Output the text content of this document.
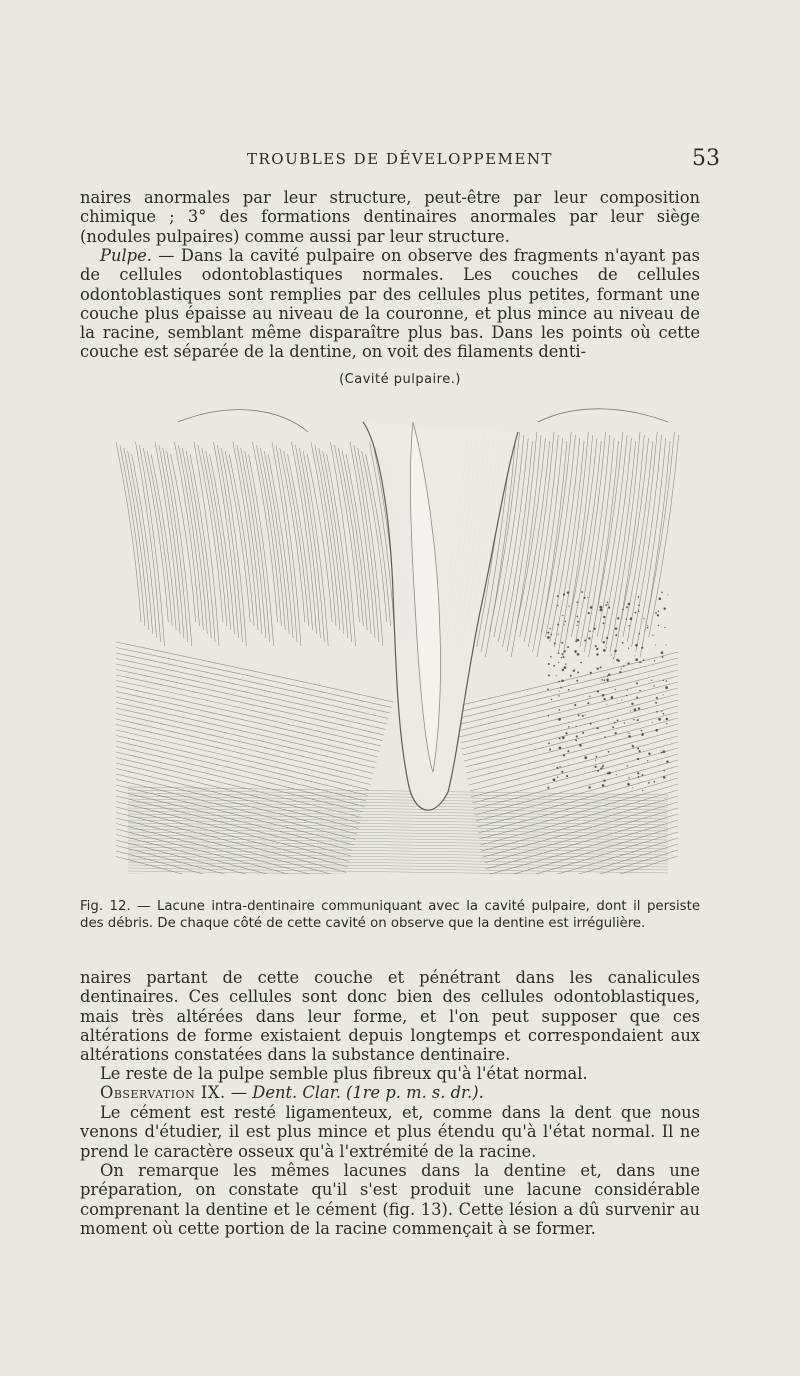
TROUBLES DE DÉVELOPPEMENT	53

naires anormales par leur structure, peut-être par leur composition chimique ; 3° des formations dentinaires anormales par leur siège (nodules pulpaires) comme aussi par leur structure.

Pulpe. — Dans la cavité pulpaire on observe des fragments n'ayant pas de cellules odontoblastiques normales. Les couches de cellules odontoblastiques sont remplies par des cellules plus petites, formant une couche plus épaisse au niveau de la couronne, et plus mince au niveau de la racine, semblant même disparaître plus bas. Dans les points où cette couche est séparée de la dentine, on voit des filaments denti-

(Cavité pulpaire.)
Fig. 12. — Lacune intra-dentinaire communiquant avec la cavité pulpaire, dont il persiste des débris. De chaque côté de cette cavité on observe que la dentine est irrégulière.

naires partant de cette couche et pénétrant dans les canalicules dentinaires. Ces cellules sont donc bien des cellules odontoblastiques, mais très altérées dans leur forme, et l'on peut supposer que ces altérations de forme existaient depuis longtemps et correspondaient aux altérations constatées dans la substance dentinaire.

Le reste de la pulpe semble plus fibreux qu'à l'état normal.

Observation IX. — Dent. Clar. (1re p. m. s. dr.).

Le cément est resté ligamenteux, et, comme dans la dent que nous venons d'étudier, il est plus mince et plus étendu qu'à l'état normal. Il ne prend le caractère osseux qu'à l'extrémité de la racine.

On remarque les mêmes lacunes dans la dentine et, dans une préparation, on constate qu'il s'est produit une lacune considérable comprenant la dentine et le cément (fig. 13). Cette lésion a dû survenir au moment où cette portion de la racine commençait à se former.
